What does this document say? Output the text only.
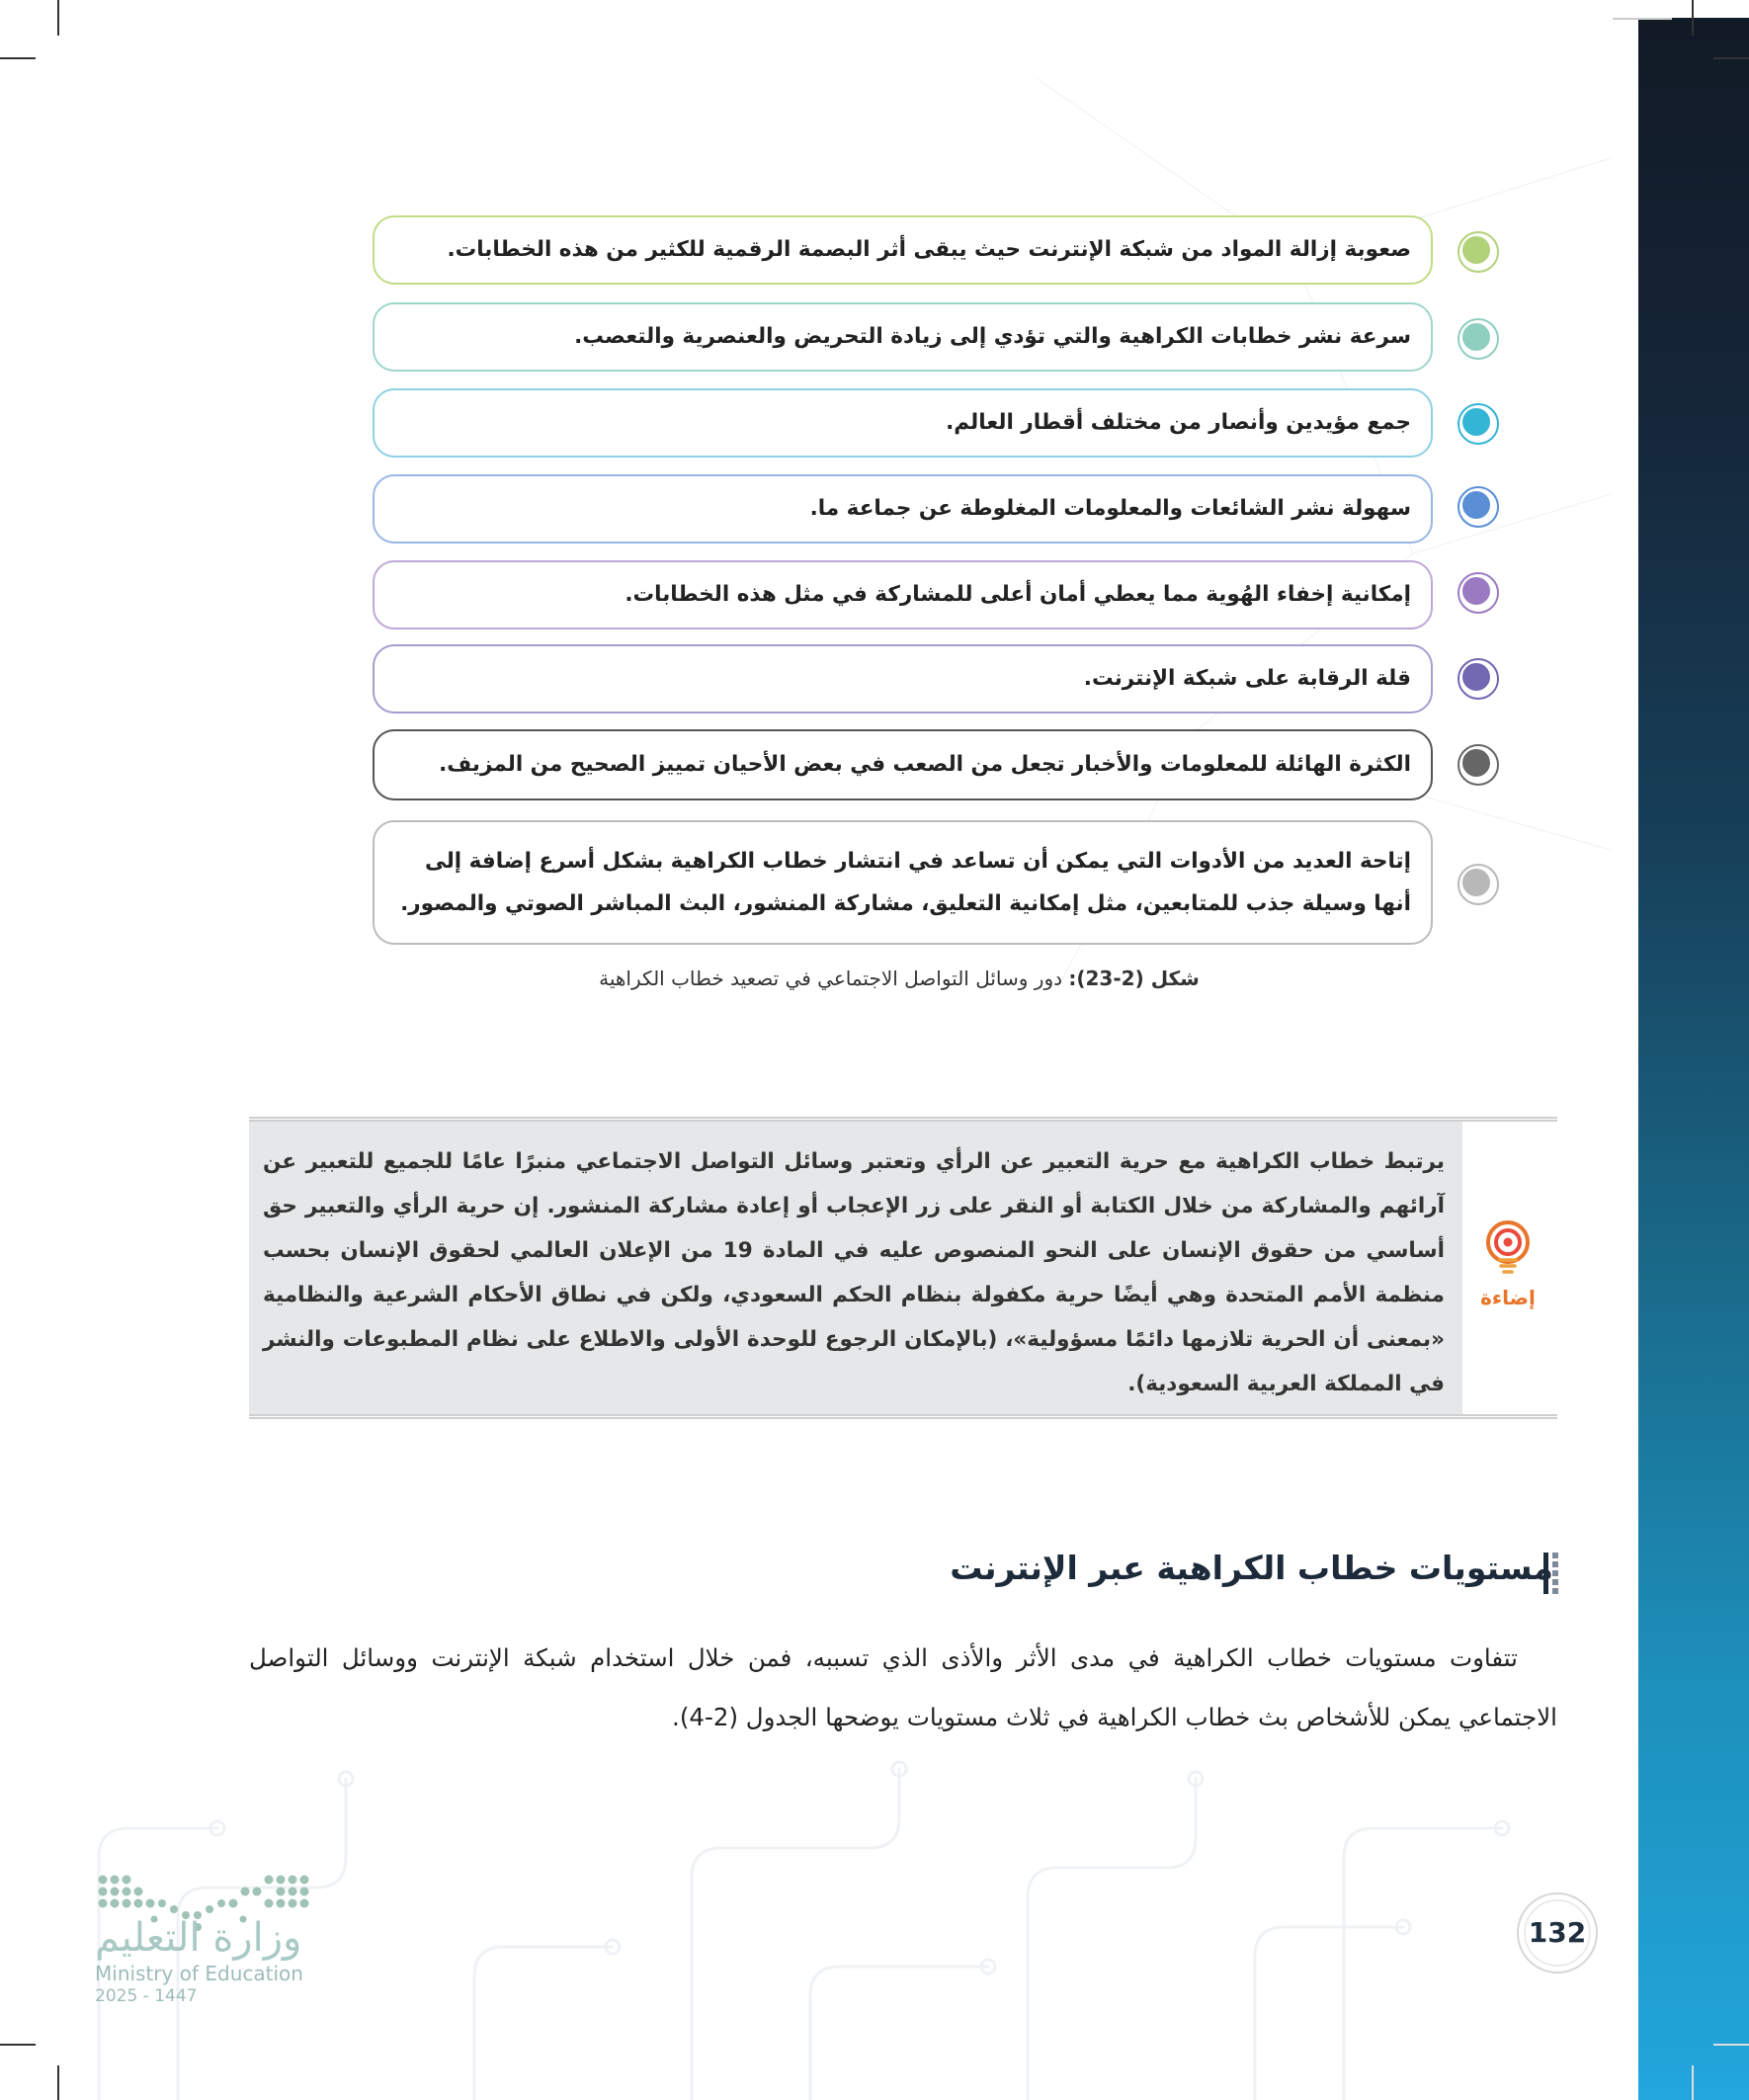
صعوبة إزالة المواد من شبكة الإنترنت حيث يبقى أثر البصمة الرقمية للكثير من هذه الخطابات.
سرعة نشر خطابات الكراهية والتي تؤدي إلى زيادة التحريض والعنصرية والتعصب.
جمع مؤيدين وأنصار من مختلف أقطار العالم.
سهولة نشر الشائعات والمعلومات المغلوطة عن جماعة ما.
إمكانية إخفاء الهُوية مما يعطي أمان أعلى للمشاركة في مثل هذه الخطابات.
قلة الرقابة على شبكة الإنترنت.
الكثرة الهائلة للمعلومات والأخبار تجعل من الصعب في بعض الأحيان تمييز الصحيح من المزيف.
إتاحة العديد من الأدوات التي يمكن أن تساعد في انتشار خطاب الكراهية بشكل أسرع إضافة إلى أنها وسيلة جذب للمتابعين، مثل إمكانية التعليق، مشاركة المنشور، البث المباشر الصوتي والمصور.
شكل (2-23): دور وسائل التواصل الاجتماعي في تصعيد خطاب الكراهية
يرتبط خطاب الكراهية مع حرية التعبير عن الرأي وتعتبر وسائل التواصل الاجتماعي منبرًا عامًا للجميع للتعبير عن آرائهم والمشاركة من خلال الكتابة أو النقر على زر الإعجاب أو إعادة مشاركة المنشور. إن حرية الرأي والتعبير حق أساسي من حقوق الإنسان على النحو المنصوص عليه في المادة 19 من الإعلان العالمي لحقوق الإنسان بحسب منظمة الأمم المتحدة وهي أيضًا حرية مكفولة بنظام الحكم السعودي، ولكن في نطاق الأحكام الشرعية والنظامية «بمعنى أن الحرية تلازمها دائمًا مسؤولية»، (بالإمكان الرجوع للوحدة الأولى والاطلاع على نظام المطبوعات والنشر في المملكة العربية السعودية).
إضاءة
مستويات خطاب الكراهية عبر الإنترنت
تتفاوت مستويات خطاب الكراهية في مدى الأثر والأذى الذي تسببه، فمن خلال استخدام شبكة الإنترنت ووسائل التواصل الاجتماعي يمكن للأشخاص بث خطاب الكراهية في ثلاث مستويات يوضحها الجدول (2-4).
وزارة التعليم
Ministry of Education
2025 - 1447
132
